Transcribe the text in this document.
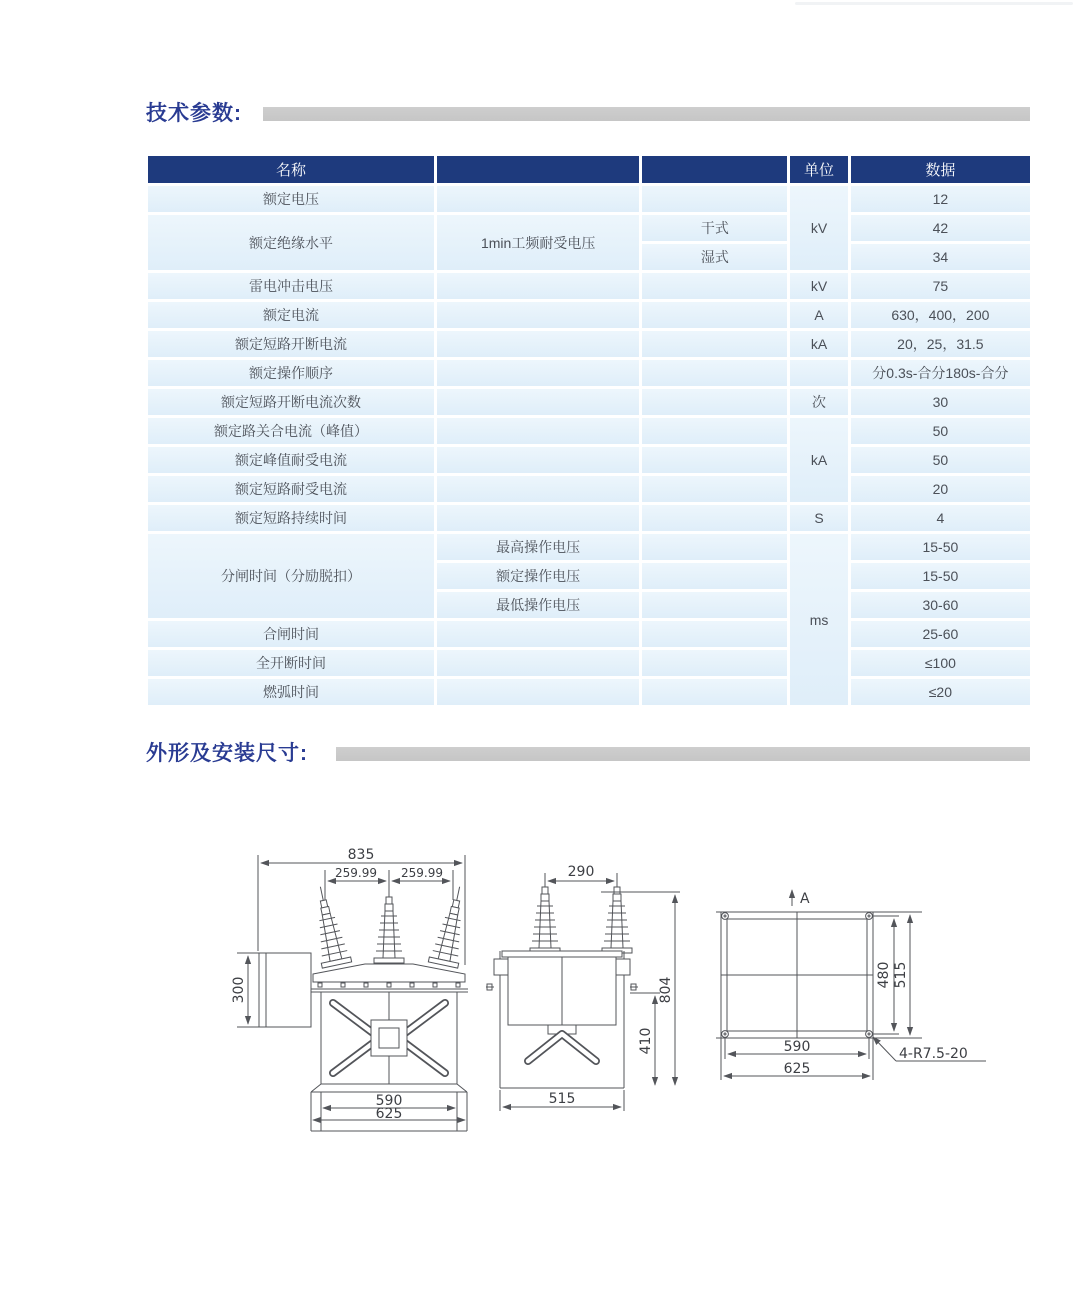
技术参数:
名称			单位	数据
额定电压			kV	12
额定绝缘水平	1min工频耐受电压	干式		42
		湿式		34
雷电冲击电压			kV	75
额定电流			A	630，400，200
额定短路开断电流			kA	20，25，31.5
额定操作顺序				分0.3s-合分180s-合分
额定短路开断电流次数			次	30
额定路关合电流（峰值）			kA	50
额定峰值耐受电流				50
额定短路耐受电流				20
额定短路持续时间			S	4
分闸时间（分励脱扣）	最高操作电压		ms	15-50
	额定操作电压			15-50
	最低操作电压			30-60
合闸时间				25-60
全开断时间				≤100
燃弧时间				≤20
外形及安装尺寸:
835
259.99 259.99
300
590
625
290
804
410
515
A
480 515
590
625
4-R7.5-20
